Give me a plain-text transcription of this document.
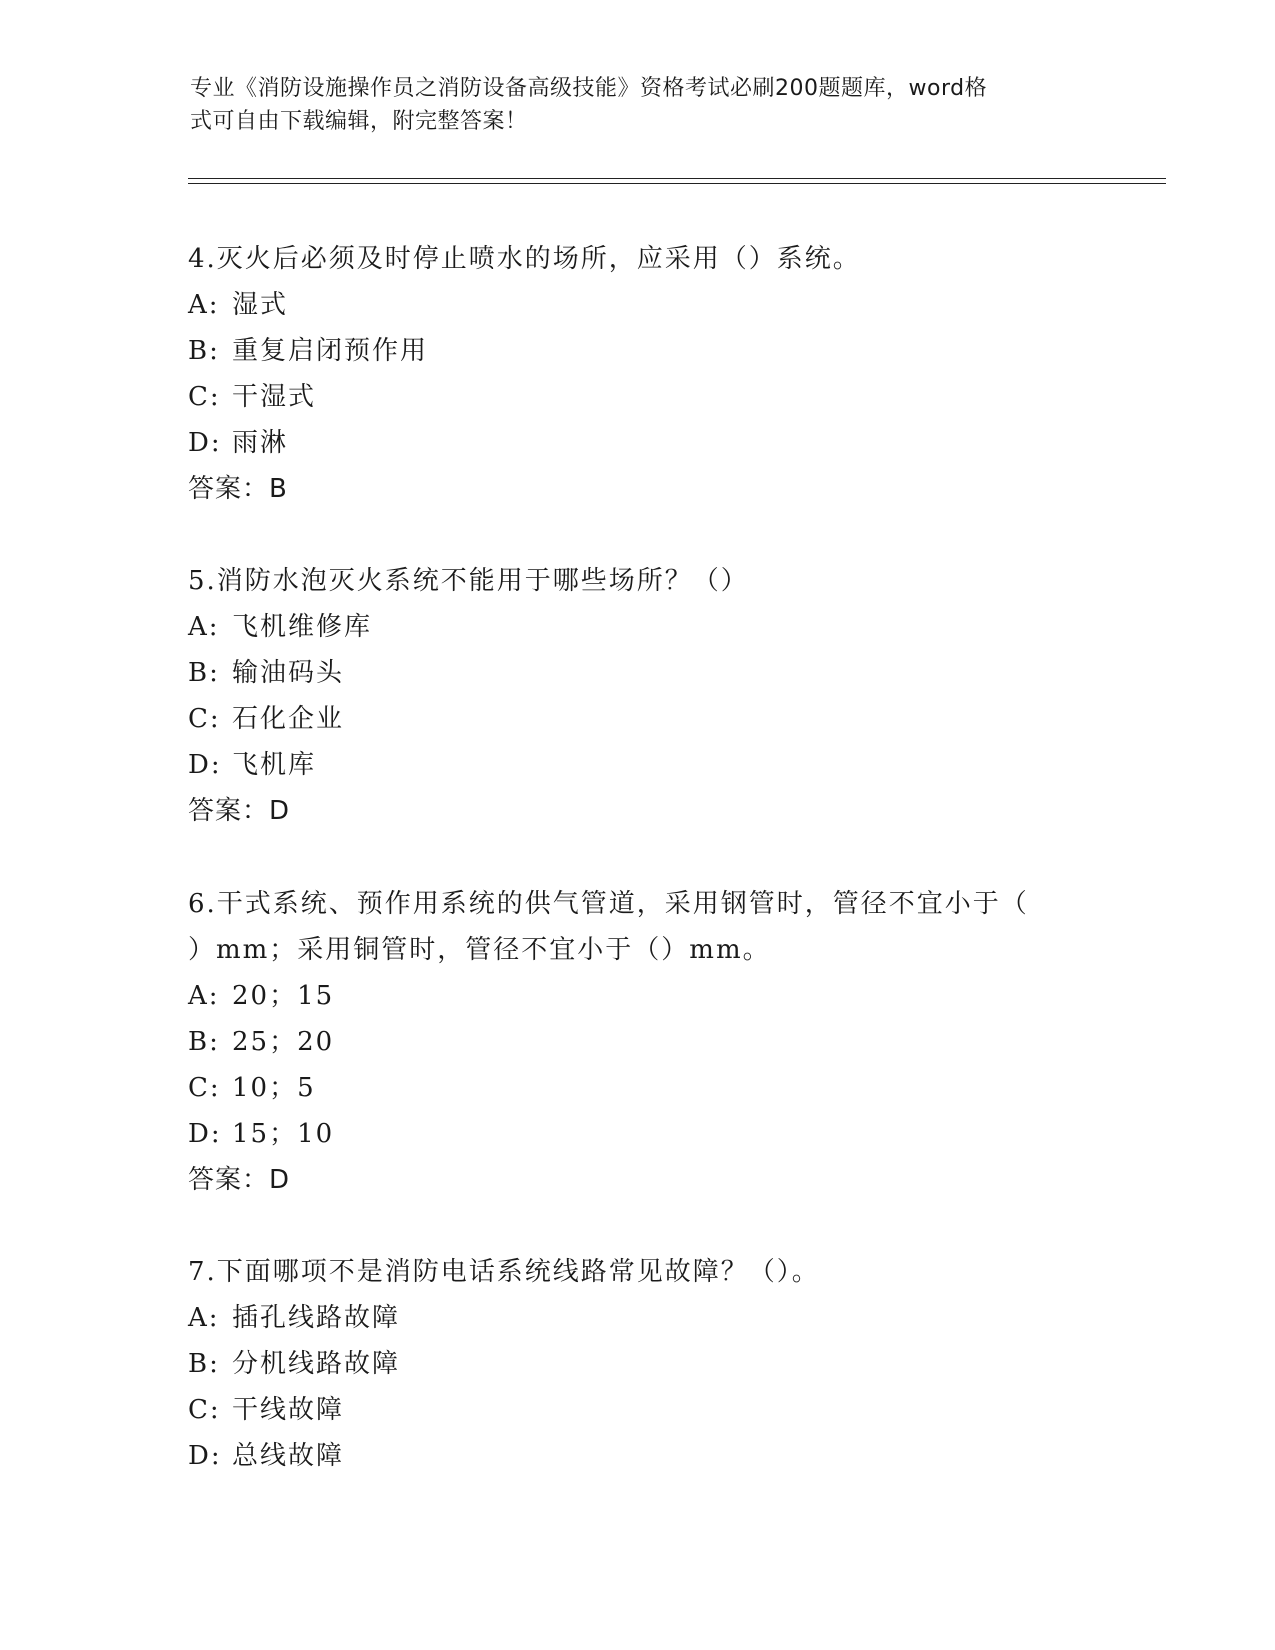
专业《消防设施操作员之消防设备高级技能》资格考试必刷200题题库，word格
式可自由下载编辑，附完整答案！
4.灭火后必须及时停止喷水的场所，应采用（）系统。
A: 湿式
B: 重复启闭预作用
C: 干湿式
D: 雨淋
答案：B
5.消防水泡灭火系统不能用于哪些场所？（）
A: 飞机维修库
B: 输油码头
C: 石化企业
D: 飞机库
答案：D
6.干式系统、预作用系统的供气管道，采用钢管时，管径不宜小于（
）mm；采用铜管时，管径不宜小于（）mm。
A: 20；15
B: 25；20
C: 10；5
D: 15；10
答案：D
7.下面哪项不是消防电话系统线路常见故障？（）。
A: 插孔线路故障
B: 分机线路故障
C: 干线故障
D: 总线故障
